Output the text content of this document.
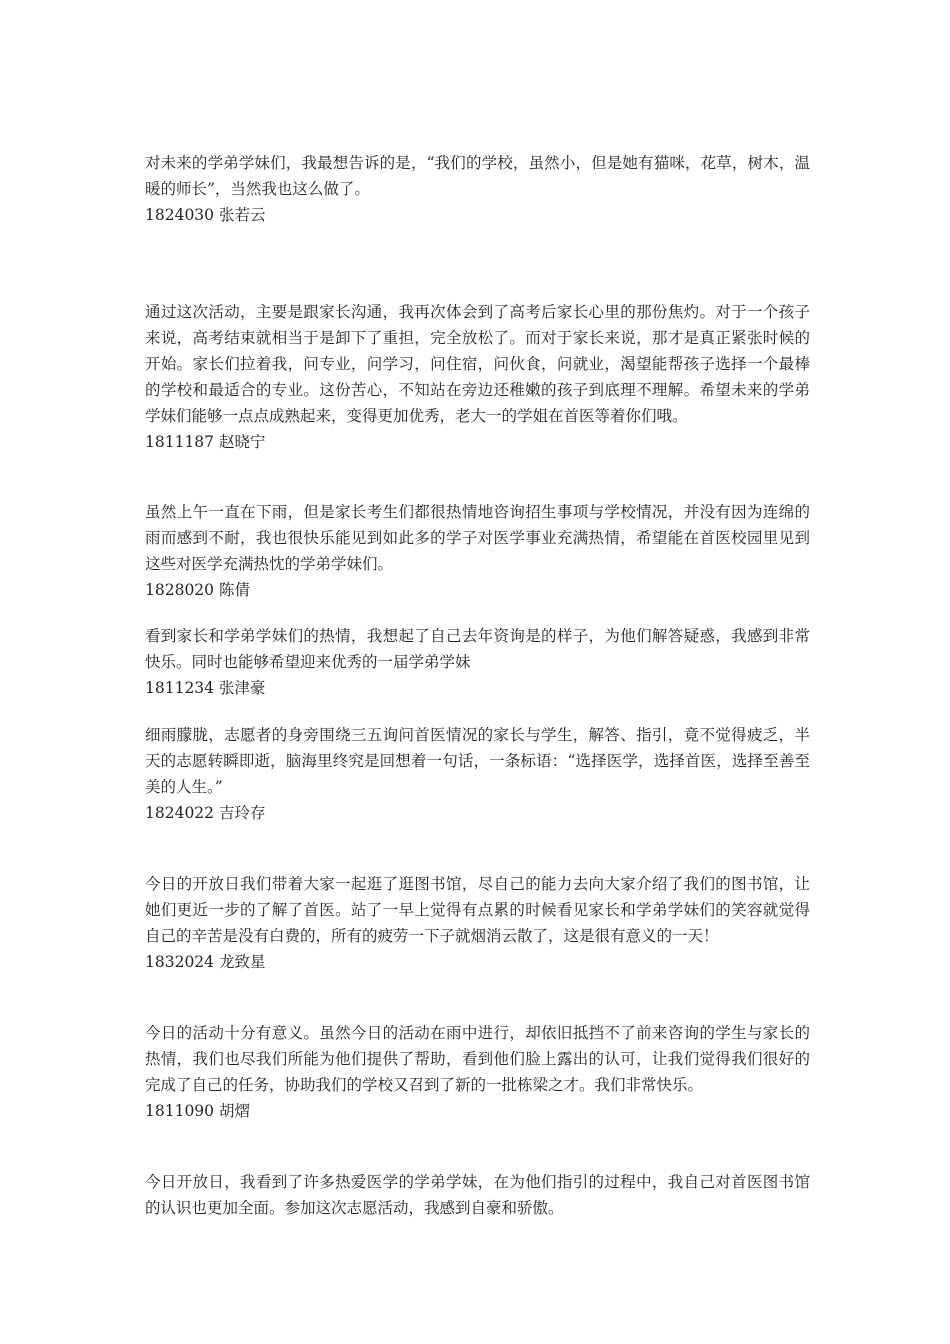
对未来的学弟学妹们，我最想告诉的是，“我们的学校，虽然小，但是她有猫咪，花草，树木，温暖的师长”，当然我也这么做了。

1824030 张若云

通过这次活动，主要是跟家长沟通，我再次体会到了高考后家长心里的那份焦灼。对于一个孩子来说，高考结束就相当于是卸下了重担，完全放松了。而对于家长来说，那才是真正紧张时候的开始。家长们拉着我，问专业，问学习，问住宿，问伙食，问就业，渴望能帮孩子选择一个最棒的学校和最适合的专业。这份苦心，不知站在旁边还稚嫩的孩子到底理不理解。希望未来的学弟学妹们能够一点点成熟起来，变得更加优秀，老大一的学姐在首医等着你们哦。

1811187 赵晓宁

虽然上午一直在下雨，但是家长考生们都很热情地咨询招生事项与学校情况，并没有因为连绵的雨而感到不耐，我也很快乐能见到如此多的学子对医学事业充满热情，希望能在首医校园里见到这些对医学充满热忱的学弟学妹们。

1828020 陈倩

看到家长和学弟学妹们的热情，我想起了自己去年资询是的样子，为他们解答疑惑，我感到非常快乐。同时也能够希望迎来优秀的一届学弟学妹

1811234 张津豪

细雨朦胧，志愿者的身旁围绕三五询问首医情况的家长与学生，解答、指引，竟不觉得疲乏，半天的志愿转瞬即逝，脑海里终究是回想着一句话，一条标语：“选择医学，选择首医，选择至善至美的人生。”

1824022 吉玲存

今日的开放日我们带着大家一起逛了逛图书馆，尽自己的能力去向大家介绍了我们的图书馆，让她们更近一步的了解了首医。站了一早上觉得有点累的时候看见家长和学弟学妹们的笑容就觉得自己的辛苦是没有白费的，所有的疲劳一下子就烟消云散了，这是很有意义的一天！

1832024 龙致星

今日的活动十分有意义。虽然今日的活动在雨中进行，却依旧抵挡不了前来咨询的学生与家长的热情，我们也尽我们所能为他们提供了帮助，看到他们脸上露出的认可，让我们觉得我们很好的完成了自己的任务，协助我们的学校又召到了新的一批栋梁之才。我们非常快乐。

1811090 胡熠

今日开放日，我看到了许多热爱医学的学弟学妹，在为他们指引的过程中，我自己对首医图书馆的认识也更加全面。参加这次志愿活动，我感到自豪和骄傲。
